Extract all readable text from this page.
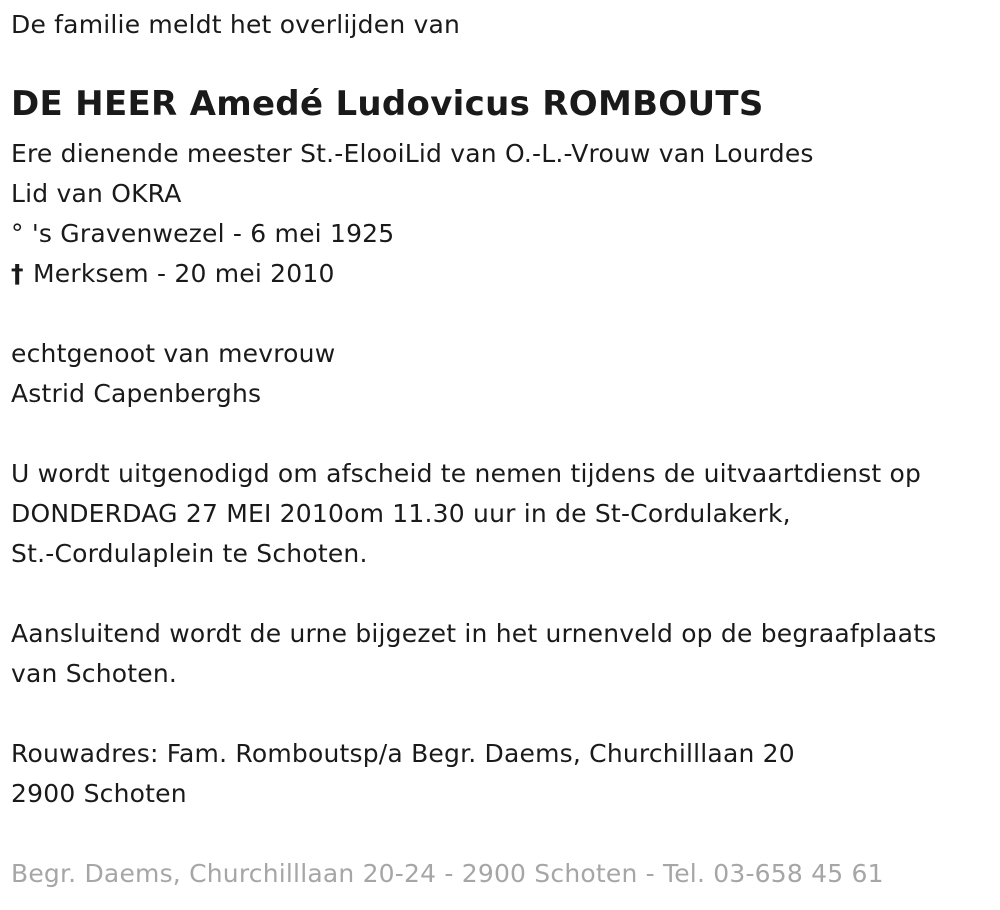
De familie meldt het overlijden van
DE HEER Amedé Ludovicus ROMBOUTS
Ere dienende meester St.-ElooiLid van O.-L.-Vrouw van Lourdes
Lid van OKRA
° 's Gravenwezel - 6 mei 1925
† Merksem - 20 mei 2010
echtgenoot van mevrouw
Astrid Capenberghs
U wordt uitgenodigd om afscheid te nemen tijdens de uitvaartdienst op
DONDERDAG 27 MEI 2010om 11.30 uur in de St-Cordulakerk,
St.-Cordulaplein te Schoten.
Aansluitend wordt de urne bijgezet in het urnenveld op de begraafplaats
van Schoten.
Rouwadres: Fam. Romboutsp/a Begr. Daems, Churchilllaan 20
2900 Schoten
Begr. Daems, Churchilllaan 20-24 - 2900 Schoten - Tel. 03-658 45 61
